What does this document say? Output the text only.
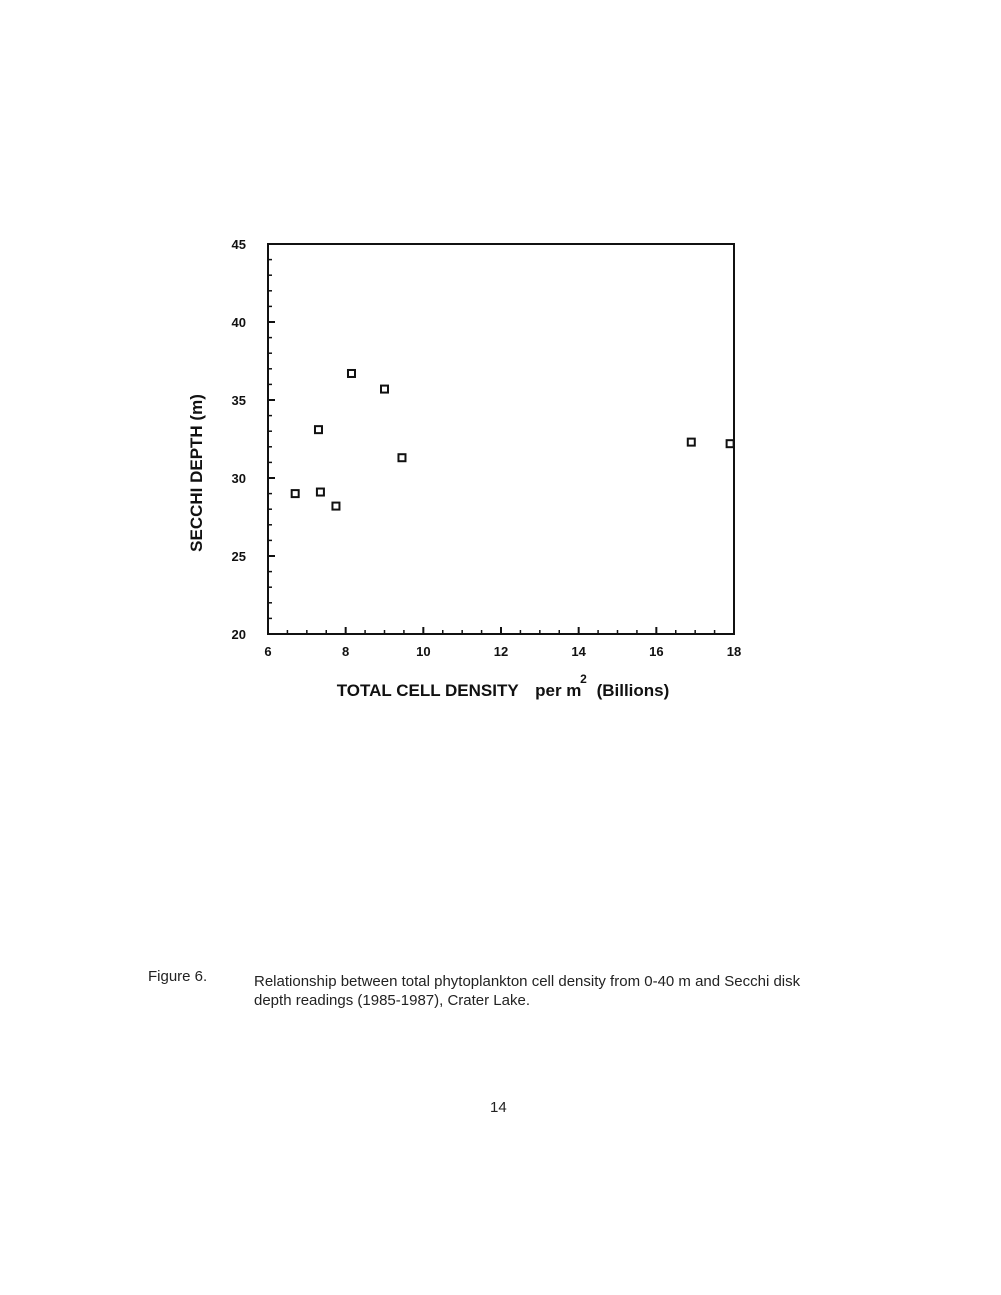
20
25
30
35
40
45
6	8	10	12	14	16	18
SECCHI DEPTH (m)
TOTAL CELL DENSITY per m 2 (Billions)
Figure 6.	Relationship between total phytoplankton cell density from 0-40 m and Secchi disk depth readings (1985-1987), Crater Lake.
14
